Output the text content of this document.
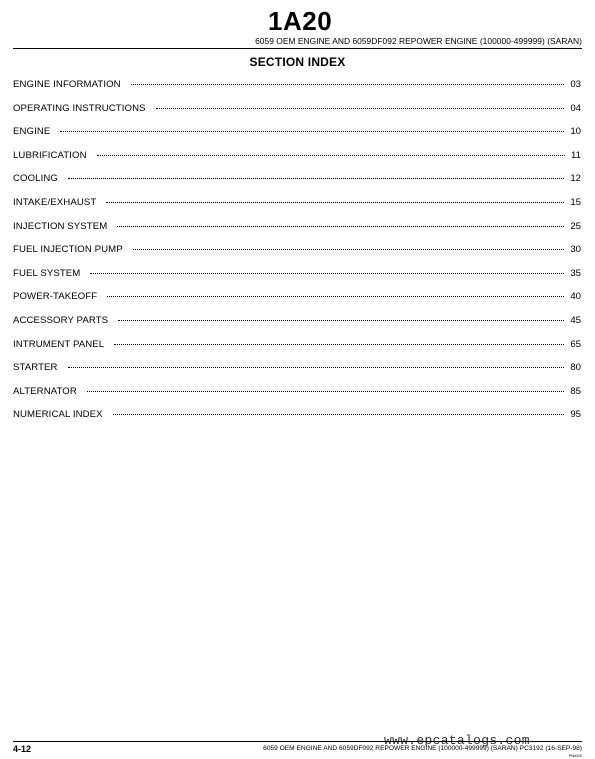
1A20
6059 OEM ENGINE AND 6059DF092 REPOWER ENGINE (100000-499999) (SARAN)
SECTION INDEX
ENGINE INFORMATION	03
OPERATING INSTRUCTIONS	04
ENGINE	10
LUBRIFICATION	11
COOLING	12
INTAKE/EXHAUST	15
INJECTION SYSTEM	25
FUEL INJECTION PUMP	30
FUEL SYSTEM	35
POWER-TAKEOFF	40
ACCESSORY PARTS	45
INTRUMENT PANEL	65
STARTER	80
ALTERNATOR	85
NUMERICAL INDEX	95
www.epcatalogs.com
4-12	6059 OEM ENGINE AND 6059DF092 REPOWER ENGINE (100000-499999) (SARAN) PC3192 (16-SEP-98)
PNet20
